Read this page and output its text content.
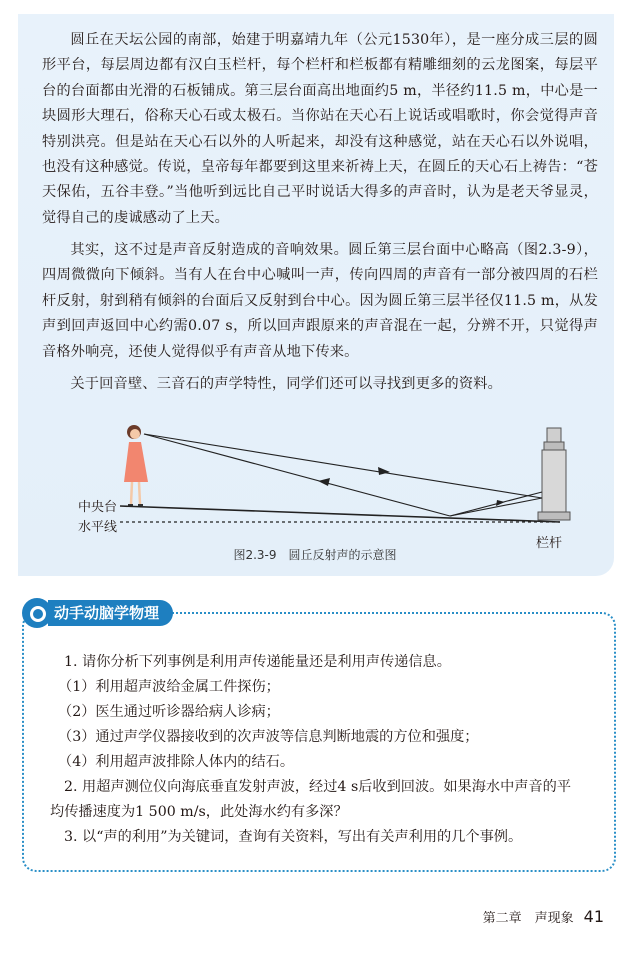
圆丘在天坛公园的南部，始建于明嘉靖九年（公元1530年），是一座分成三层的圆形平台，每层周边都有汉白玉栏杆，每个栏杆和栏板都有精雕细刻的云龙图案，每层平台的台面都由光滑的石板铺成。第三层台面高出地面约5 m，半径约11.5 m，中心是一块圆形大理石，俗称天心石或太极石。当你站在天心石上说话或唱歌时，你会觉得声音特别洪亮。但是站在天心石以外的人听起来，却没有这种感觉，站在天心石以外说唱，也没有这种感觉。传说，皇帝每年都要到这里来祈祷上天，在圆丘的天心石上祷告：“苍天保佑，五谷丰登。”当他听到远比自己平时说话大得多的声音时，认为是老天爷显灵，觉得自己的虔诚感动了上天。

其实，这不过是声音反射造成的音响效果。圆丘第三层台面中心略高（图2.3-9），四周微微向下倾斜。当有人在台中心喊叫一声，传向四周的声音有一部分被四周的石栏杆反射，射到稍有倾斜的台面后又反射到台中心。因为圆丘第三层半径仅11.5 m，从发声到回声返回中心约需0.07 s，所以回声跟原来的声音混在一起，分辨不开，只觉得声音格外响亮，还使人觉得似乎有声音从地下传来。

关于回音壁、三音石的声学特性，同学们还可以寻找到更多的资料。

中央台
水平线
栏杆
图2.3-9　圆丘反射声的示意图
动手动脑学物理

1. 请你分析下列事例是利用声传递能量还是利用声传递信息。

（1）利用超声波给金属工件探伤；

（2）医生通过听诊器给病人诊病；

（3）通过声学仪器接收到的次声波等信息判断地震的方位和强度；

（4）利用超声波排除人体内的结石。

2. 用超声测位仪向海底垂直发射声波，经过4 s后收到回波。如果海水中声音的平

均传播速度为1 500 m/s，此处海水约有多深？

3. 以“声的利用”为关键词，查询有关资料，写出有关声利用的几个事例。

第二章　声现象 41
